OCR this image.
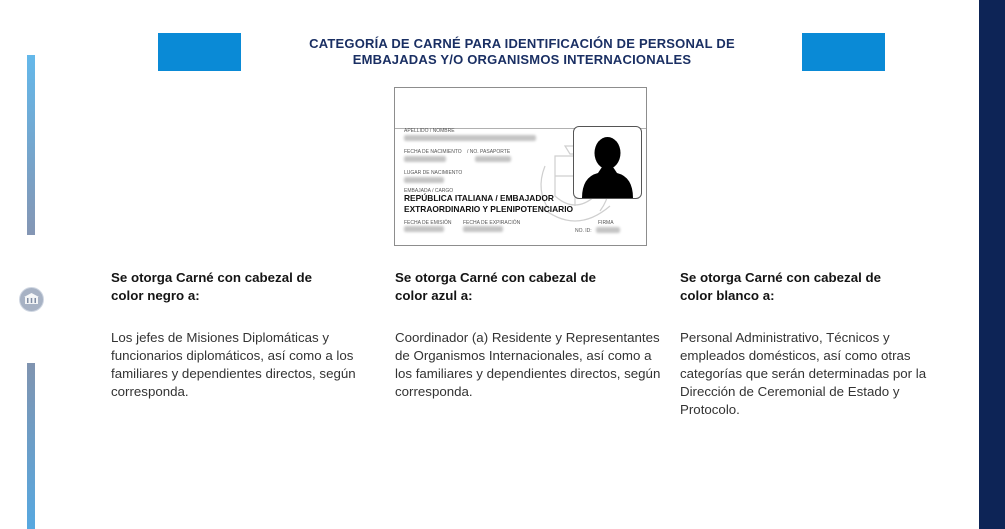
CATEGORÍA DE CARNÉ PARA IDENTIFICACIÓN DE PERSONAL DE
EMBAJADAS Y/O ORGANISMOS INTERNACIONALES
APELLIDO / NOMBRE
FECHA DE NACIMIENTO / NO. PASAPORTE
LUGAR DE NACIMIENTO
EMBAJADA / CARGO
REPÚBLICA ITALIANA / EMBAJADOR
EXTRAORDINARIO Y PLENIPOTENCIARIO
FECHA DE EMISIÓN FECHA DE EXPIRACIÓN	FIRMA
NO. ID:
Se otorga Carné con cabezal de
color negro a:

Los jefes de Misiones Diplomáticas y funcionarios diplomáticos, así como a los familiares y dependientes directos, según corresponda.

Se otorga Carné con cabezal de
color azul a:

Coordinador (a) Residente y Representantes de Organismos Internacionales, así como a los familiares y dependientes directos, según corresponda.

Se otorga Carné con cabezal de
color blanco a:

Personal Administrativo, Técnicos y empleados domésticos, así como otras categorías que serán determinadas por la Dirección de Ceremonial de Estado y Protocolo.
